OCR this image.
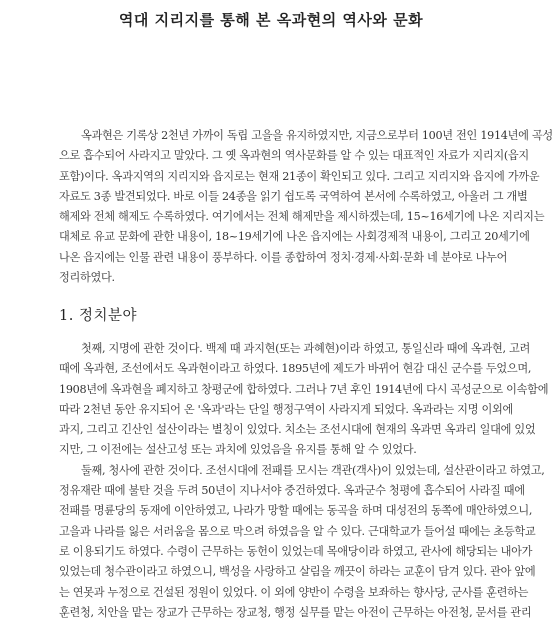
역대 지리지를 통해 본 옥과현의 역사와 문화
옥과현은 기록상 2천년 가까이 독립 고을을 유지하였지만, 지금으로부터 100년 전인 1914년에 곡성
으로 흡수되어 사라지고 말았다. 그 옛 옥과현의 역사문화를 알 수 있는 대표적인 자료가 지리지(읍지
포함)이다. 옥과지역의 지리지와 읍지로는 현재 21종이 확인되고 있다. 그리고 지리지와 읍지에 가까운
자료도 3종 발견되었다. 바로 이들 24종을 읽기 쉽도록 국역하여 본서에 수록하였고, 아울러 그 개별
해제와 전체 해제도 수록하였다. 여기에서는 전체 해제만을 제시하겠는데, 15~16세기에 나온 지리지는
대체로 유교 문화에 관한 내용이, 18~19세기에 나온 읍지에는 사회경제적 내용이, 그리고 20세기에
나온 읍지에는 인물 관련 내용이 풍부하다. 이를 종합하여 정치·경제·사회·문화 네 분야로 나누어
정리하였다.
1. 정치분야
첫째, 지명에 관한 것이다. 백제 때 과지현(또는 과혜현)이라 하였고, 통일신라 때에 옥과현, 고려
때에 옥과현, 조선에서도 옥과현이라고 하였다. 1895년에 제도가 바뀌어 현감 대신 군수를 두었으며,
1908년에 옥과현을 폐지하고 창평군에 합하였다. 그러나 7년 후인 1914년에 다시 곡성군으로 이속함에
따라 2천년 동안 유지되어 온 '옥과'라는 단일 행정구역이 사라지게 되었다. 옥과라는 지명 이외에
과지, 그리고 긴산인 설산이라는 별칭이 있었다. 치소는 조선시대에 현재의 옥과면 옥과리 일대에 있었
지만, 그 이전에는 설산고성 또는 과치에 있었음을 유지를 통해 알 수 있었다.
둘째, 청사에 관한 것이다. 조선시대에 전패를 모시는 객관(객사)이 있었는데, 설산관이라고 하였고,
정유재란 때에 불탄 것을 두려 50년이 지나서야 중건하였다. 옥과군수 청평에 흡수되어 사라질 때에
전패를 명륜당의 동재에 이안하였고, 나라가 망할 때에는 동곡을 하며 대성전의 동쪽에 매안하였으니,
고을과 나라를 잃은 서러움을 몸으로 막으려 하였음을 알 수 있다. 근대학교가 들어설 때에는 초등학교
로 이용되기도 하였다. 수령이 근무하는 동헌이 있었는데 목애당이라 하였고, 관사에 해당되는 내아가
있었는데 청수관이라고 하였으니, 백성을 사랑하고 살림을 깨끗이 하라는 교훈이 담겨 있다. 관아 앞에
는 연못과 누정으로 건설된 정원이 있었다. 이 외에 양반이 수령을 보좌하는 향사당, 군사를 훈련하는
훈련청, 치안을 맡는 장교가 근무하는 장교청, 행정 실무를 맡는 아전이 근무하는 아전청, 문서를 관리
